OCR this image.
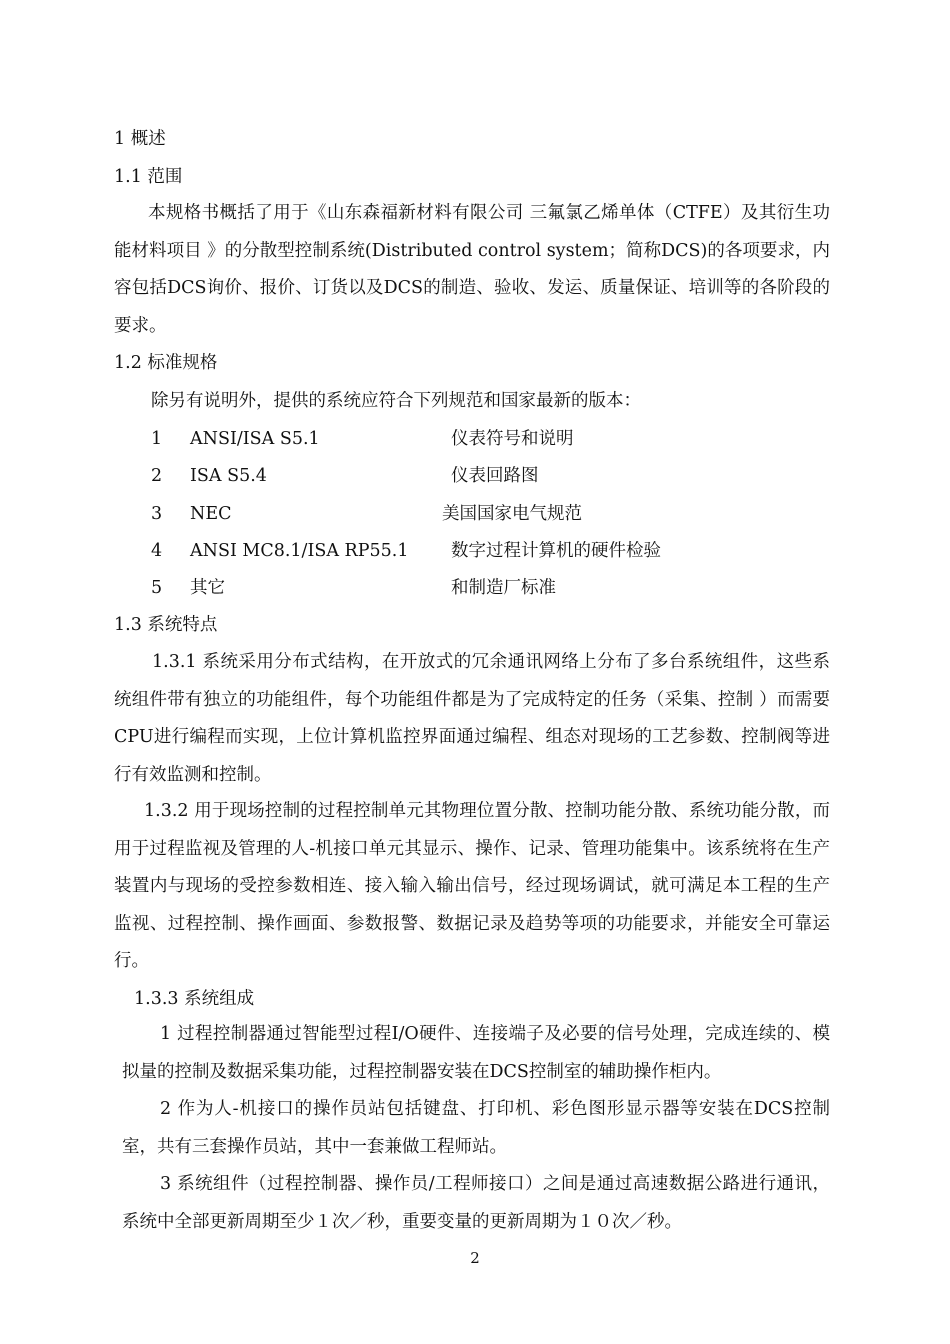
1 概述
1.1 范围
本规格书概括了用于《山东森福新材料有限公司 三氟氯乙烯单体（CTFE）及其衍生功能材料项目 》的分散型控制系统(Distributed control system；简称DCS)的各项要求，内容包括DCS询价、报价、订货以及DCS的制造、验收、发运、质量保证、培训等的各阶段的要求。
1.2 标准规格
除另有说明外，提供的系统应符合下列规范和国家最新的版本：
1 ANSI/ISA S5.1	仪表符号和说明
2 ISA S5.4	仪表回路图
3 NEC	美国国家电气规范
4 ANSI MC8.1/ISA RP55.1 数字过程计算机的硬件检验
5 其它	和制造厂标准
1.3 系统特点
1.3.1 系统采用分布式结构，在开放式的冗余通讯网络上分布了多台系统组件，这些系统组件带有独立的功能组件，每个功能组件都是为了完成特定的任务（采集、控制 ）而需要CPU进行编程而实现，上位计算机监控界面通过编程、组态对现场的工艺参数、控制阀等进行有效监测和控制。
1.3.2 用于现场控制的过程控制单元其物理位置分散、控制功能分散、系统功能分散，而用于过程监视及管理的人-机接口单元其显示、操作、记录、管理功能集中。该系统将在生产装置内与现场的受控参数相连、接入输入输出信号，经过现场调试，就可满足本工程的生产监视、过程控制、操作画面、参数报警、数据记录及趋势等项的功能要求，并能安全可靠运行。
1.3.3 系统组成
1 过程控制器通过智能型过程I/O硬件、连接端子及必要的信号处理，完成连续的、模拟量的控制及数据采集功能，过程控制器安装在DCS控制室的辅助操作柜内。
2 作为人-机接口的操作员站包括键盘、打印机、彩色图形显示器等安装在DCS控制室，共有三套操作员站，其中一套兼做工程师站。
3 系统组件（过程控制器、操作员/工程师接口）之间是通过高速数据公路进行通讯，系统中全部更新周期至少１次／秒，重要变量的更新周期为１０次／秒。
2
